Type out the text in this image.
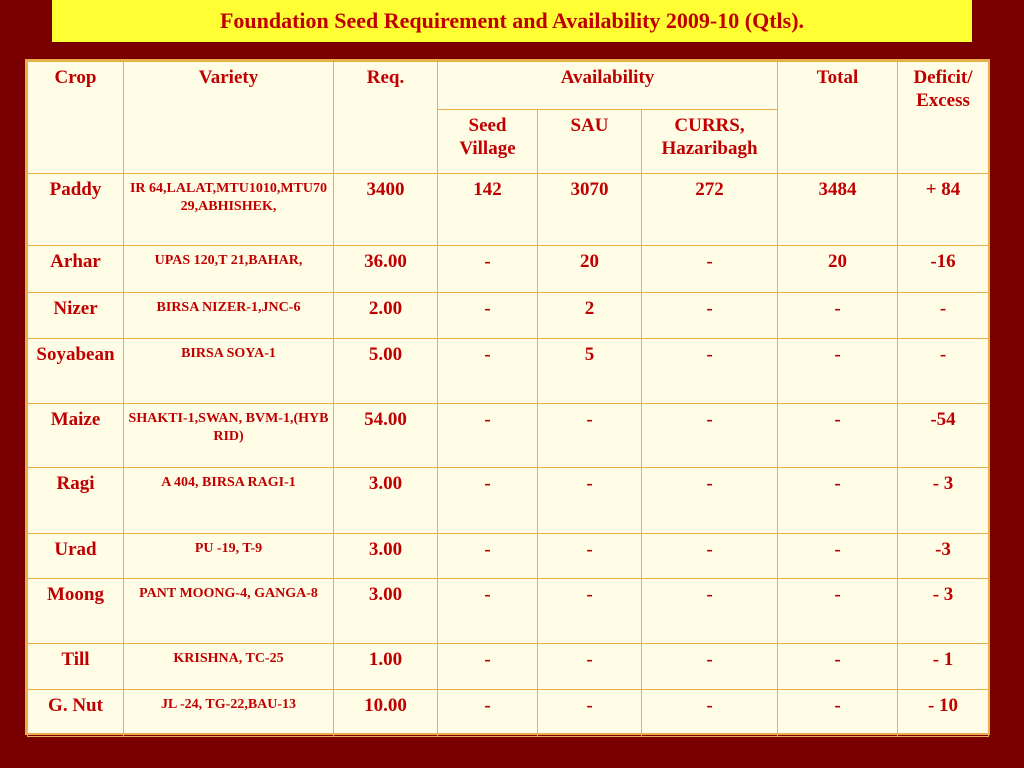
Foundation Seed Requirement and Availability 2009-10 (Qtls).
Crop	Variety	Req.	Availability			Total	Deficit/ Excess
			Seed Village	SAU	CURRS, Hazaribagh		
Paddy	IR 64,LALAT,MTU1010,MTU7029,ABHISHEK,	3400	142	3070	272	3484	+ 84
Arhar	UPAS 120,T 21,BAHAR,	36.00	-	20	-	20	-16
Nizer	BIRSA NIZER-1,JNC-6	2.00	-	2	-	-	-
Soyabean	BIRSA SOYA-1	5.00	-	5	-	-	-
Maize	SHAKTI-1,SWAN, BVM-1,(HYBRID)	54.00	-	-	-	-	-54
Ragi	A 404, BIRSA RAGI-1	3.00	-	-	-	-	- 3
Urad	PU -19, T-9	3.00	-	-	-	-	-3
Moong	PANT MOONG-4, GANGA-8	3.00	-	-	-	-	- 3
Till	KRISHNA, TC-25	1.00	-	-	-	-	- 1
G. Nut	JL -24, TG-22,BAU-13	10.00	-	-	-	-	- 10
